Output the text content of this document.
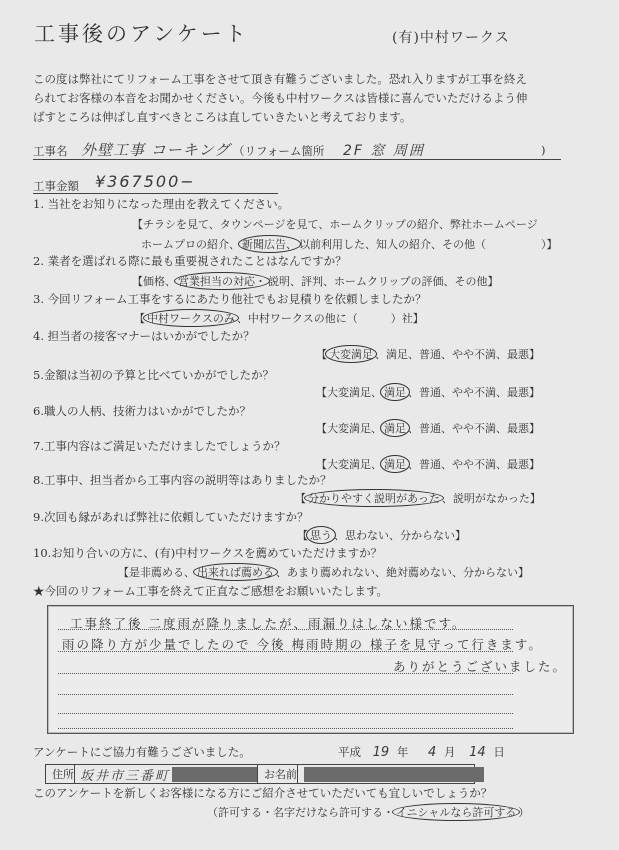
工事後のアンケート	(有)中村ワークス
この度は弊社にてリフォーム工事をさせて頂き有難うございました。恐れ入りますが工事を終え
られてお客様の本音をお聞かせください。今後も中村ワークスは皆様に喜んでいただけるよう伸
ばすところは伸ばし直すべきところは直していきたいと考えております。
工事名 外壁工事 コーキング （リフォーム箇所 2F 窓 周囲	)
工事金額 ¥367500−
1. 当社をお知りになった理由を教えてください。
【チラシを見て、タウンページを見て、ホームクリップの紹介、弊社ホームページ
ホームプロの紹介、 新聞広告、 以前利用した、知人の紹介、その他（　　　　　）】
2. 業者を選ばれる際に最も重要視されたことはなんですか？
【価格、 営業担当の対応・ 説明、評判、ホームクリップの評価、その他】
3. 今回リフォーム工事をするにあたり他社でもお見積りを依頼しましたか？
【 中村ワークスのみ 、中村ワークスの他に（　　　）社】
4. 担当者の接客マナーはいかがでしたか？
【 大変満足 、満足、普通、やや不満、最悪】
5.金額は当初の予算と比べていかがでしたか？
【大変満足、 満足 、普通、やや不満、最悪】
6.職人の人柄、技術力はいかがでしたか？
【大変満足、 満足 、普通、やや不満、最悪】
7.工事内容はご満足いただけましたでしょうか？
【大変満足、 満足 、普通、やや不満、最悪】
8.工事中、担当者から工事内容の説明等はありましたか？
【 分かりやすく説明があった 、説明がなかった】
9.次回も縁があれば弊社に依頼していただけますか？
【 思う 、思わない、分からない】
10.お知り合いの方に、(有)中村ワークスを薦めていただけますか？
【是非薦める、 出来れば薦める 、あまり薦めれない、絶対薦めない、分からない】
★今回のリフォーム工事を終えて正直なご感想をお願いいたします。
工事終了後 二度雨が降りましたが、雨漏りはしない様です。
雨の降り方が少量でしたので 今後 梅雨時期の 様子を見守って行きます。
ありがとうございました。
アンケートにご協力有難うございました。	平成 19 年 4 月 14 日
住所 坂井市三番町	お名前
このアンケートを新しくお客様になる方にご紹介させていただいても宜しいでしょうか？
（許可する・名字だけなら許可する・ イニシャルなら許可する ）
